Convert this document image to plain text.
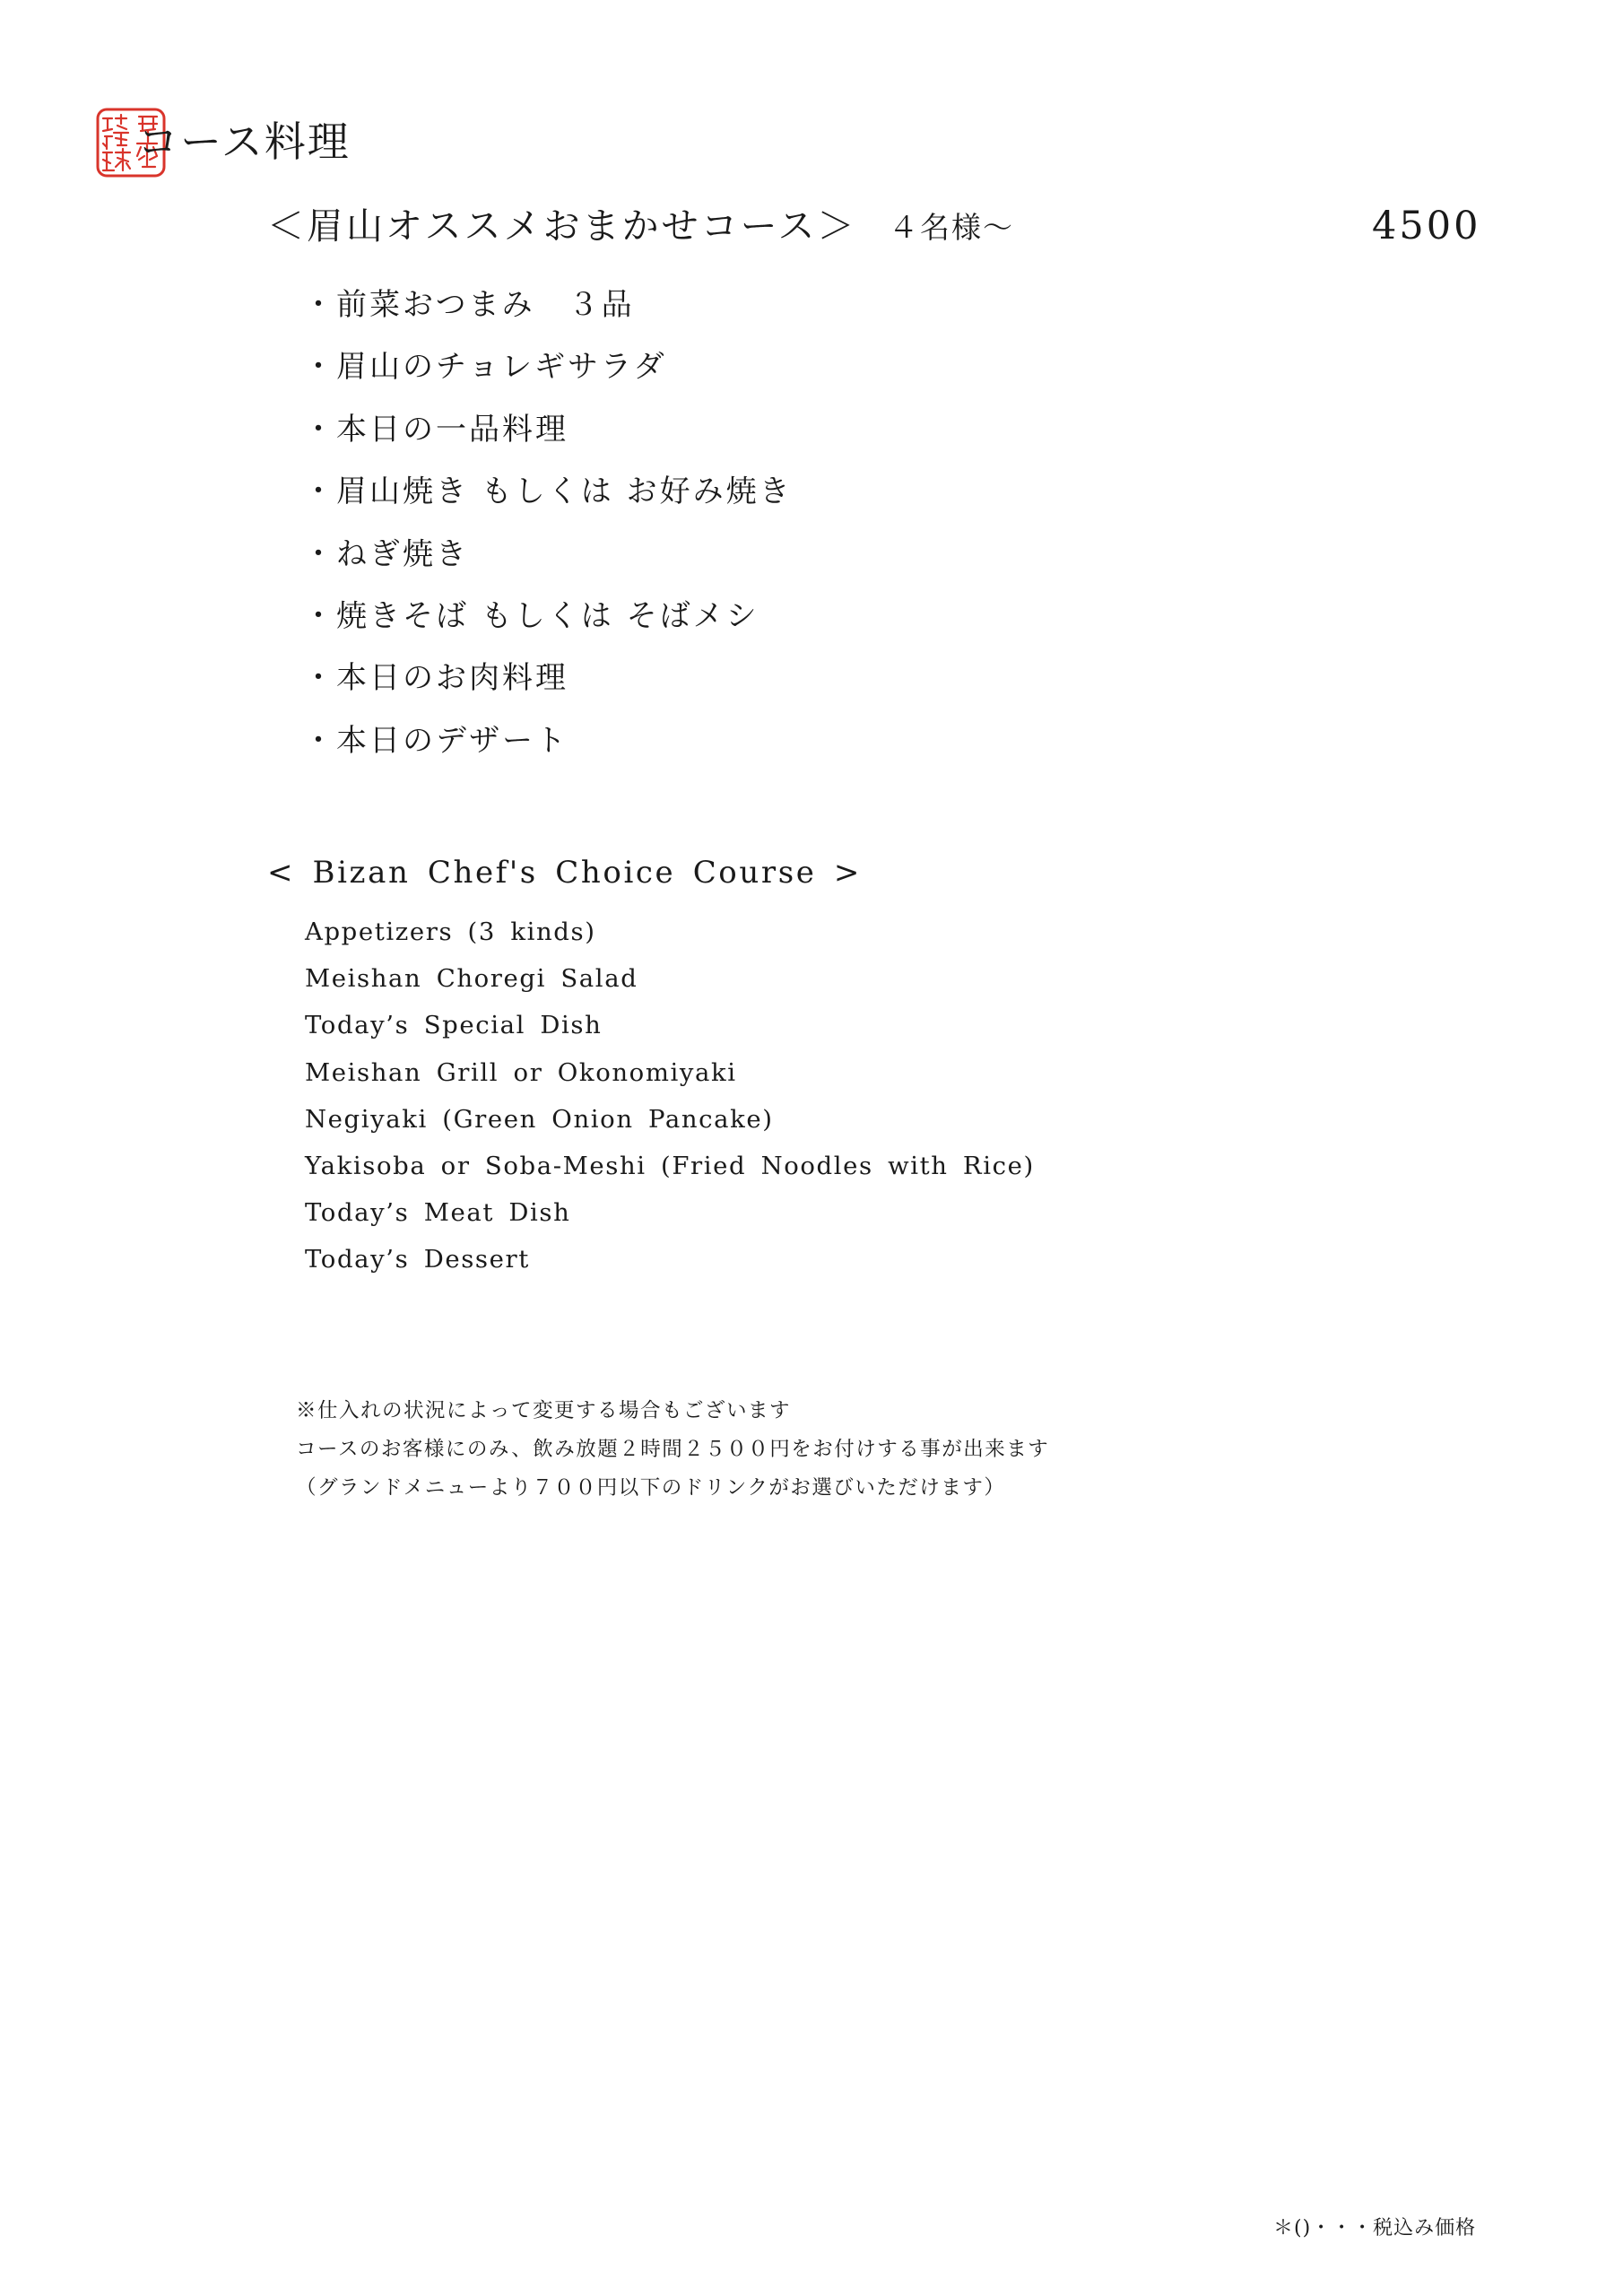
コース料理
＜眉山オススメおまかせコース＞ ４名様～	4500
・前菜おつまみ　３品
・眉山のチョレギサラダ
・本日の一品料理
・眉山焼き もしくは お好み焼き
・ねぎ焼き
・焼きそば もしくは そばメシ
・本日のお肉料理
・本日のデザート
< Bizan Chef's Choice Course >
Appetizers (3 kinds)
Meishan Choregi Salad
Today’s Special Dish
Meishan Grill or Okonomiyaki
Negiyaki (Green Onion Pancake)
Yakisoba or Soba-Meshi (Fried Noodles with Rice)
Today’s Meat Dish
Today’s Dessert
※仕入れの状況によって変更する場合もございます
コースのお客様にのみ、飲み放題２時間２５００円をお付けする事が出来ます
（グランドメニューより７００円以下のドリンクがお選びいただけます）
＊()・・・税込み価格
